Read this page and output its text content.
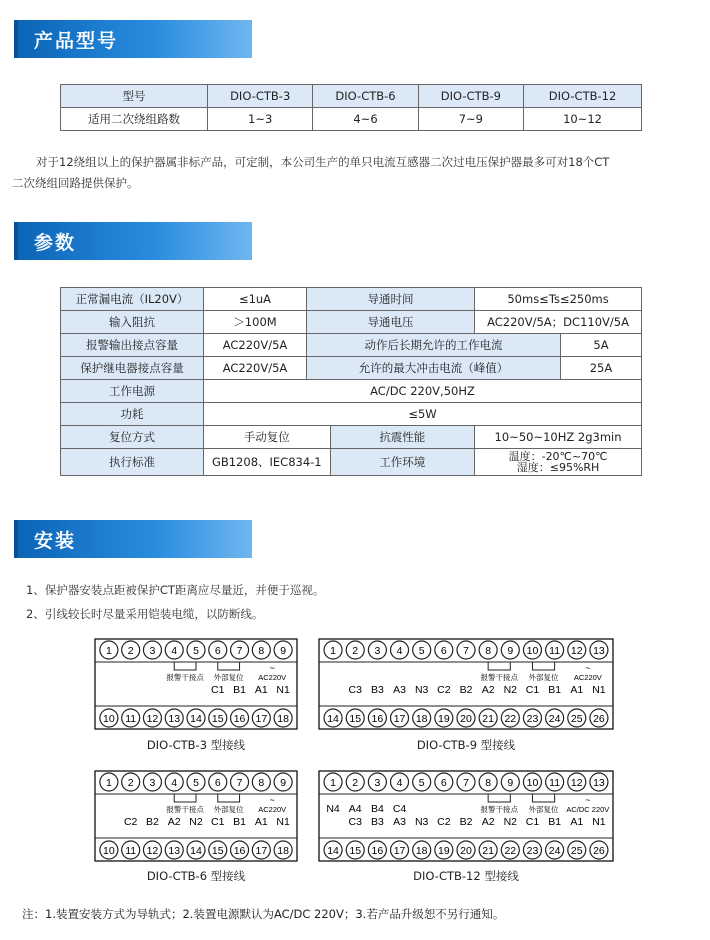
产品型号
型号	DIO-CTB-3	DIO-CTB-6	DIO-CTB-9	DIO-CTB-12
适用二次绕组路数	1~3	4~6	7~9	10~12
对于12绕组以上的保护器属非标产品，可定制，本公司生产的单只电流互感器二次过电压保护器最多可对18个CT
二次绕组回路提供保护。
参数
正常漏电流（IL20V）	≤1uA	导通时间		50ms≤Ts≤250ms	
输入阻抗	＞100M	导通电压		AC220V/5A；DC110V/5A	
报警输出接点容量	AC220V/5A	动作后长期允许的工作电流			5A
保护继电器接点容量	AC220V/5A	允许的最大冲击电流（峰值）			25A
工作电源	AC/DC 220V,50HZ				
功耗	≤5W				
复位方式	手动复位		抗震性能	10~50~10HZ 2g3min	
执行标准	GB1208、IEC834-1		工作环境	温度：-20℃~70℃
湿度：≤95%RH	
安装
1、保护器安装点距被保护CT距离应尽量近，并便于巡视。
2、引线较长时尽量采用铠装电缆，以防断线。
1 2 3 4 5 6 7 8 9
10 11 12 13 14 15 16 17 18
报警干接点 外部复位
~
AC220V
C1 B1 A1 N1
DIO-CTB-3 型接线
1 2 3 4 5 6 7 8 9 10 11 12 13
14 15 16 17 18 19 20 21 22 23 24 25 26
报警干接点 外部复位
~
AC220V
C3 B3 A3 N3 C2 B2 A2 N2 C1 B1 A1 N1
DIO-CTB-9 型接线
1 2 3 4 5 6 7 8 9
10 11 12 13 14 15 16 17 18
报警干接点 外部复位
~
AC220V
C2 B2 A2 N2 C1 B1 A1 N1
DIO-CTB-6 型接线
1 2 3 4 5 6 7 8 9 10 11 12 13
14 15 16 17 18 19 20 21 22 23 24 25 26
报警干接点 外部复位
~
AC/DC 220V
C3 B3 A3 N3 C2 B2 A2 N2 C1 B1 A1 N1
N4 A4 B4 C4
DIO-CTB-12 型接线
注：1.装置安装方式为导轨式；2.装置电源默认为AC/DC 220V；3.若产品升级恕不另行通知。
